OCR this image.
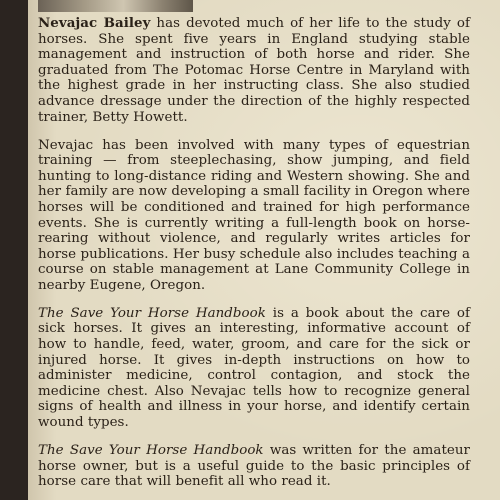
Nevajac Bailey has devoted much of her life to the study of
horses. She spent five years in England studying stable
management and instruction of both horse and rider. She
graduated from The Potomac Horse Centre in Maryland with
the highest grade in her instructing class. She also studied
advance dressage under the direction of the highly respected
trainer, Betty Howett.
Nevajac has been involved with many types of equestrian
training — from steeplechasing, show jumping, and field
hunting to long-distance riding and Western showing. She and
her family are now developing a small facility in Oregon where
horses will be conditioned and trained for high performance
events. She is currently writing a full-length book on horse-
rearing without violence, and regularly writes articles for
horse publications. Her busy schedule also includes teaching a
course on stable management at Lane Community College in
nearby Eugene, Oregon.
The Save Your Horse Handbook is a book about the care of
sick horses. It gives an interesting, informative account of
how to handle, feed, water, groom, and care for the sick or
injured horse. It gives in-depth instructions on how to
administer medicine, control contagion, and stock the
medicine chest. Also Nevajac tells how to recognize general
signs of health and illness in your horse, and identify certain
wound types.
The Save Your Horse Handbook was written for the amateur
horse owner, but is a useful guide to the basic principles of
horse care that will benefit all who read it.
